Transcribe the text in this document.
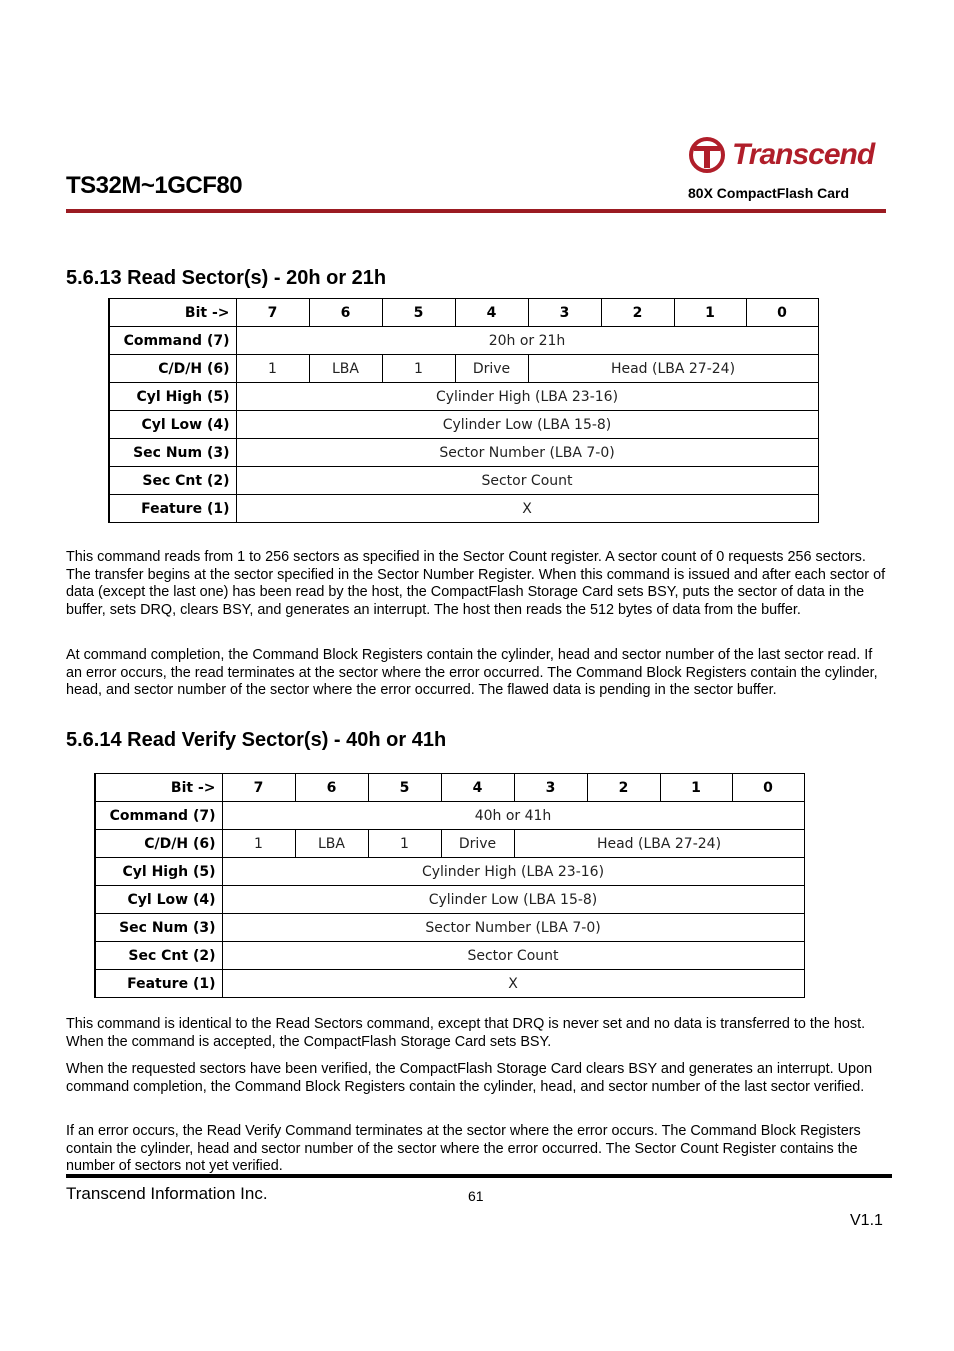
TS32M~1GCF80
Transcend
80X CompactFlash Card
5.6.13 Read Sector(s) - 20h or 21h
Bit ->	7	6	5	4	3	2	1	0
Command (7)	20h or 21h							
C/D/H (6)	1	LBA	1	Drive	Head (LBA 27-24)			
Cyl High (5)	Cylinder High (LBA 23-16)							
Cyl Low (4)	Cylinder Low (LBA 15-8)							
Sec Num (3)	Sector Number (LBA 7-0)							
Sec Cnt (2)	Sector Count							
Feature (1)	X							

This command reads from 1 to 256 sectors as specified in the Sector Count register. A sector count of 0 requests 256 sectors. The transfer begins at the sector specified in the Sector Number Register. When this command is issued and after each sector of data (except the last one) has been read by the host, the CompactFlash Storage Card sets BSY, puts the sector of data in the buffer, sets DRQ, clears BSY, and generates an interrupt. The host then reads the 512 bytes of data from the buffer.

At command completion, the Command Block Registers contain the cylinder, head and sector number of the last sector read. If an error occurs, the read terminates at the sector where the error occurred. The Command Block Registers contain the cylinder, head, and sector number of the sector where the error occurred. The flawed data is pending in the sector buffer.

5.6.14 Read Verify Sector(s) - 40h or 41h
Bit ->	7	6	5	4	3	2	1	0
Command (7)	40h or 41h							
C/D/H (6)	1	LBA	1	Drive	Head (LBA 27-24)			
Cyl High (5)	Cylinder High (LBA 23-16)							
Cyl Low (4)	Cylinder Low (LBA 15-8)							
Sec Num (3)	Sector Number (LBA 7-0)							
Sec Cnt (2)	Sector Count							
Feature (1)	X							

This command is identical to the Read Sectors command, except that DRQ is never set and no data is transferred to the host. When the command is accepted, the CompactFlash Storage Card sets BSY.

When the requested sectors have been verified, the CompactFlash Storage Card clears BSY and generates an interrupt. Upon command completion, the Command Block Registers contain the cylinder, head, and sector number of the last sector verified.

If an error occurs, the Read Verify Command terminates at the sector where the error occurs. The Command Block Registers contain the cylinder, head and sector number of the sector where the error occurred. The Sector Count Register contains the number of sectors not yet verified.

Transcend Information Inc.	61
V1.1
